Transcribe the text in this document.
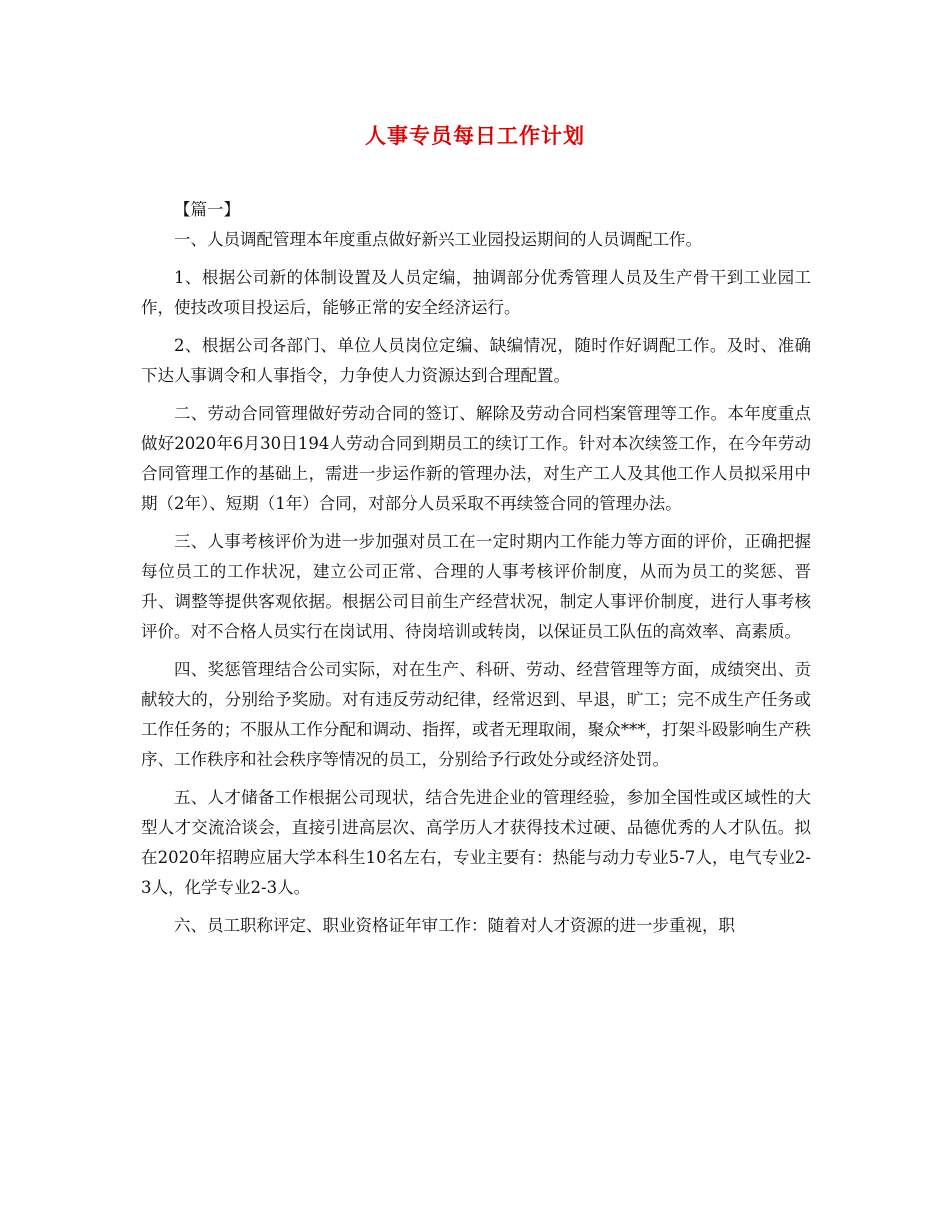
人事专员每日工作计划

【篇一】

一、人员调配管理本年度重点做好新兴工业园投运期间的人员调配工作。

1、根据公司新的体制设置及人员定编，抽调部分优秀管理人员及生产骨干到工业园工作，使技改项目投运后，能够正常的安全经济运行。

2、根据公司各部门、单位人员岗位定编、缺编情况，随时作好调配工作。及时、准确下达人事调令和人事指令，力争使人力资源达到合理配置。

二、劳动合同管理做好劳动合同的签订、解除及劳动合同档案管理等工作。本年度重点做好2020年6月30日194人劳动合同到期员工的续订工作。针对本次续签工作，在今年劳动合同管理工作的基础上，需进一步运作新的管理办法，对生产工人及其他工作人员拟采用中期（2年）、短期（1年）合同，对部分人员采取不再续签合同的管理办法。

三、人事考核评价为进一步加强对员工在一定时期内工作能力等方面的评价，正确把握每位员工的工作状况，建立公司正常、合理的人事考核评价制度，从而为员工的奖惩、晋升、调整等提供客观依据。根据公司目前生产经营状况，制定人事评价制度，进行人事考核评价。对不合格人员实行在岗试用、待岗培训或转岗，以保证员工队伍的高效率、高素质。

四、奖惩管理结合公司实际，对在生产、科研、劳动、经营管理等方面，成绩突出、贡献较大的，分别给予奖励。对有违反劳动纪律，经常迟到、早退，旷工；完不成生产任务或工作任务的；不服从工作分配和调动、指挥，或者无理取闹，聚众***，打架斗殴影响生产秩序、工作秩序和社会秩序等情况的员工，分别给予行政处分或经济处罚。

五、人才储备工作根据公司现状，结合先进企业的管理经验，参加全国性或区域性的大型人才交流洽谈会，直接引进高层次、高学历人才获得技术过硬、品德优秀的人才队伍。拟在2020年招聘应届大学本科生10名左右，专业主要有：热能与动力专业5-7人，电气专业2-3人，化学专业2-3人。

六、员工职称评定、职业资格证年审工作：随着对人才资源的进一步重视，职
